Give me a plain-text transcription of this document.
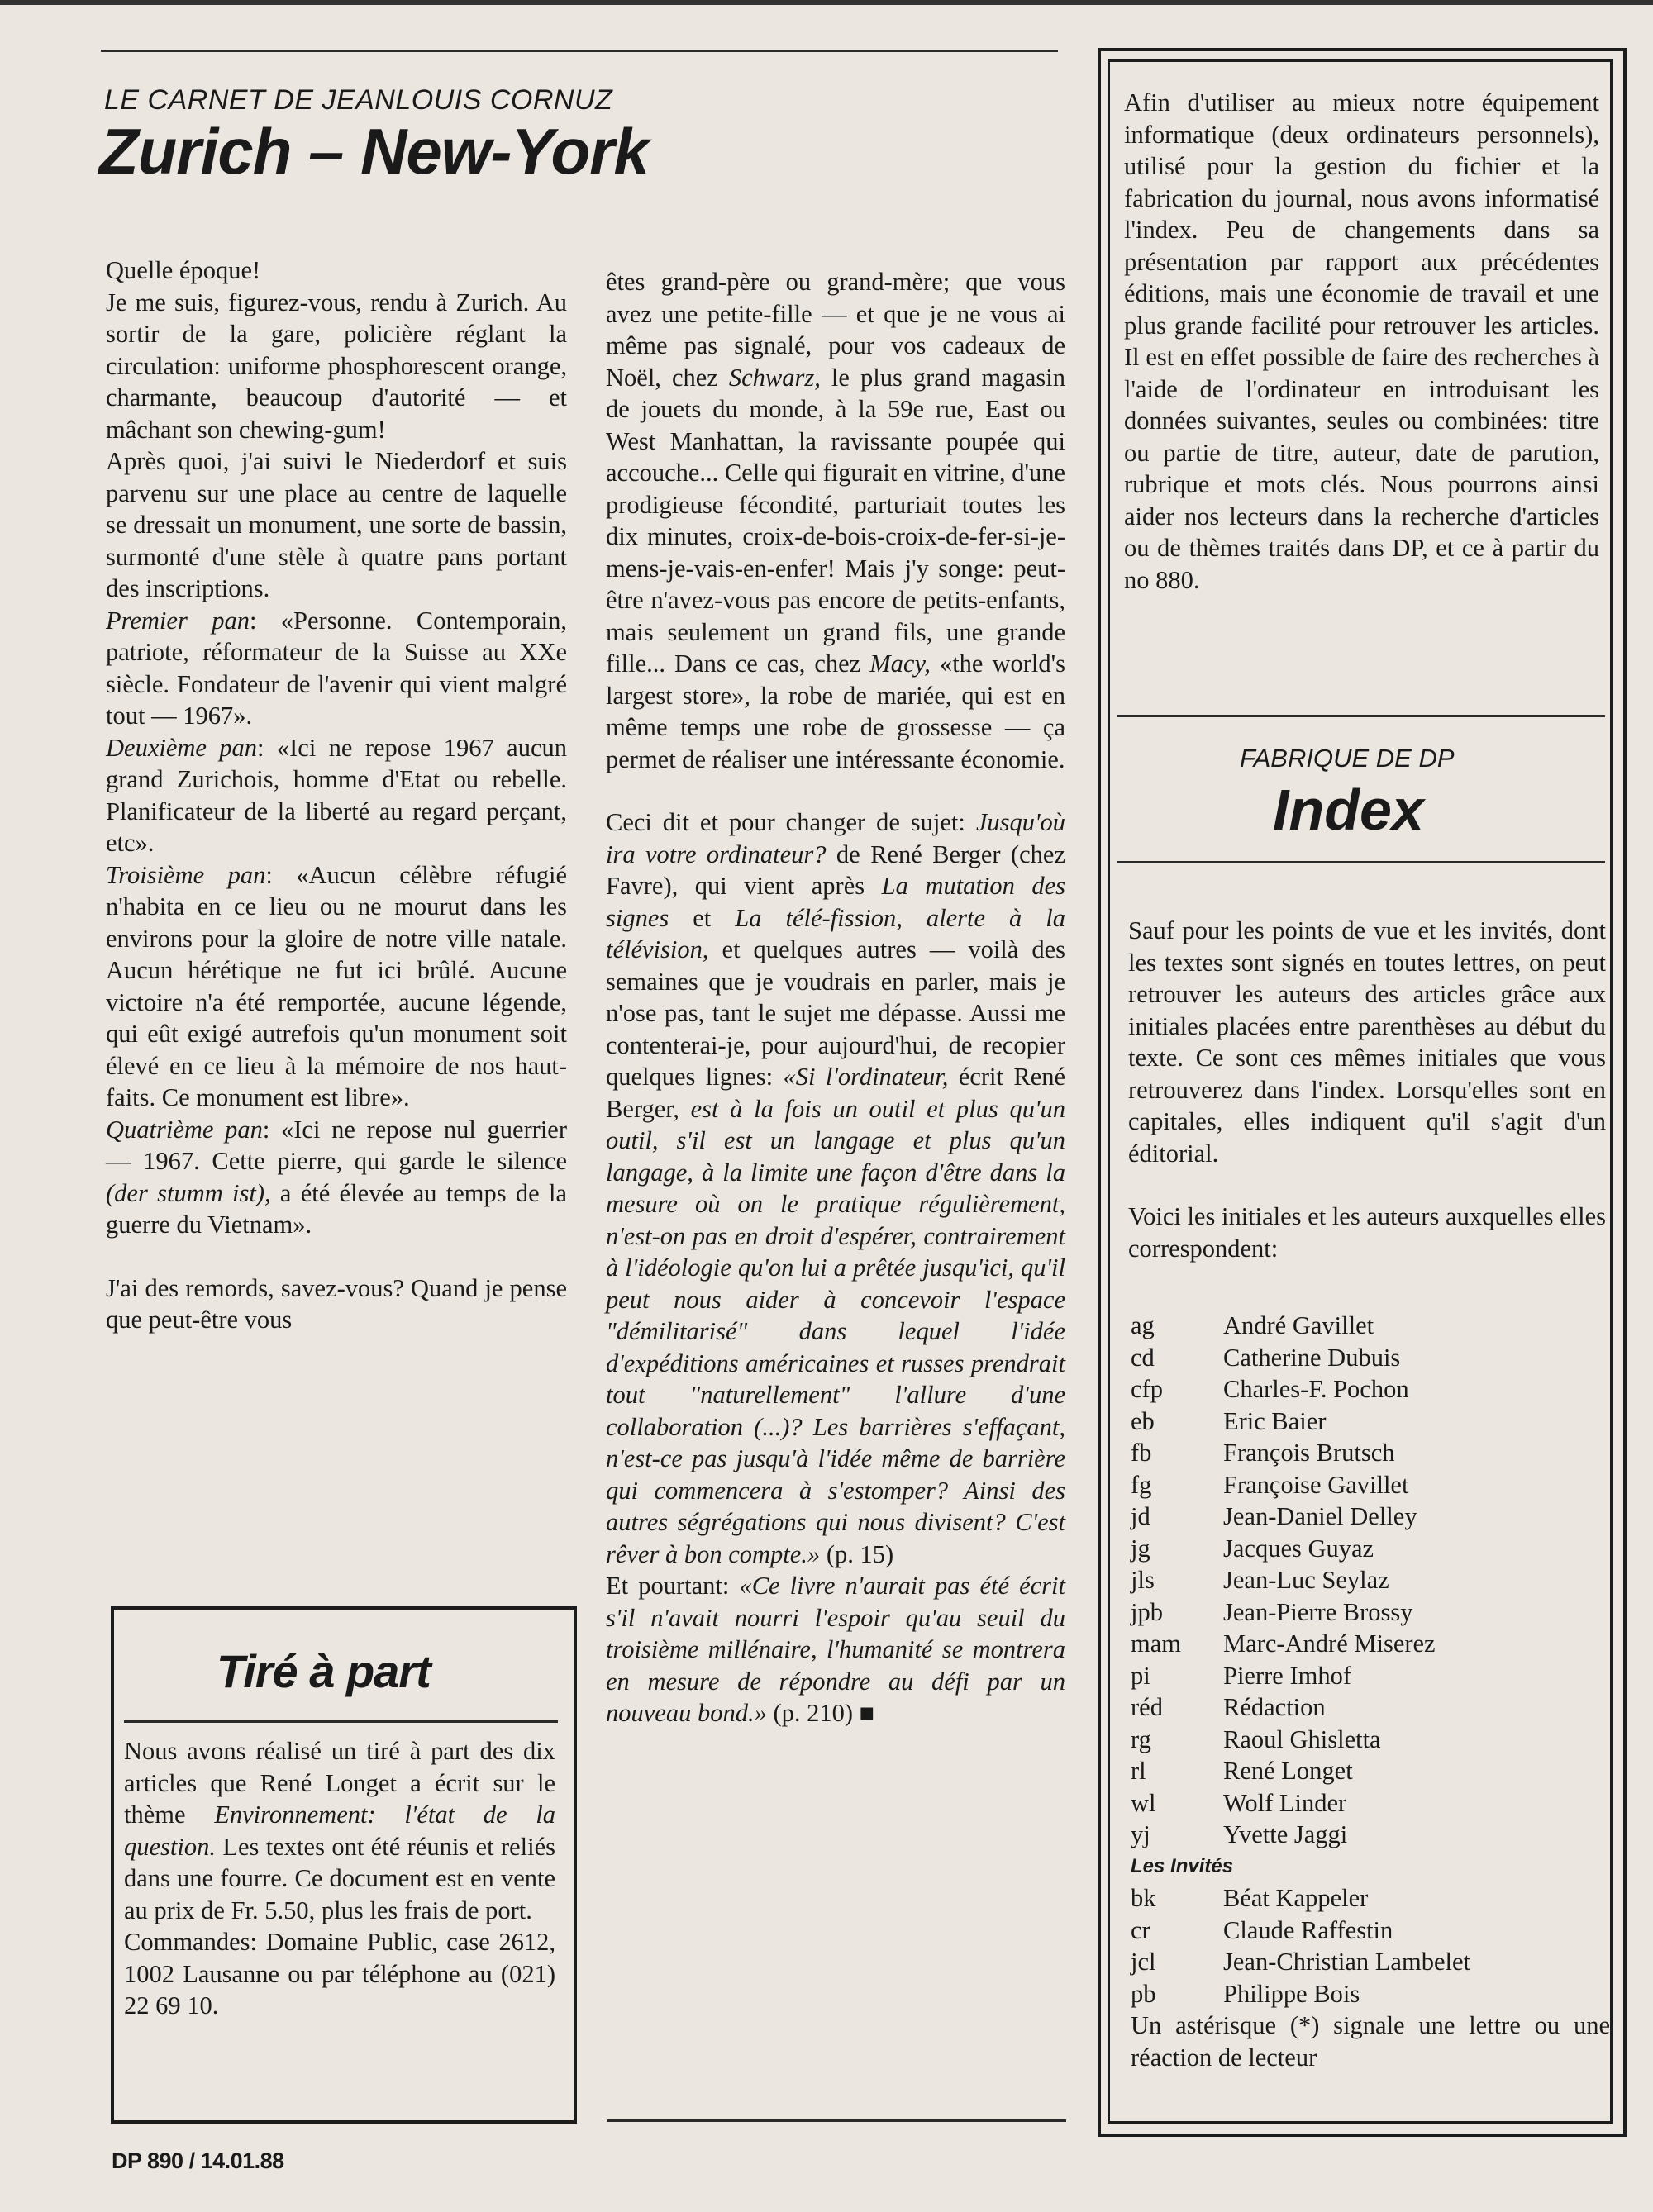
LE CARNET DE JEANLOUIS CORNUZ
Zurich – New-York

Quelle époque!

Je me suis, figurez-vous, rendu à Zurich. Au sortir de la gare, policière réglant la circulation: uniforme phosphorescent orange, charmante, beaucoup d'autorité — et mâchant son chewing-gum!

Après quoi, j'ai suivi le Niederdorf et suis parvenu sur une place au centre de laquelle se dressait un monument, une sorte de bassin, surmonté d'une stèle à quatre pans portant des inscriptions.

Premier pan: «Personne. Contemporain, patriote, réformateur de la Suisse au XXe siècle. Fondateur de l'avenir qui vient malgré tout — 1967».

Deuxième pan: «Ici ne repose 1967 aucun grand Zurichois, homme d'Etat ou rebelle. Planificateur de la liberté au regard perçant, etc».

Troisième pan: «Aucun célèbre réfugié n'habita en ce lieu ou ne mourut dans les environs pour la gloire de notre ville natale. Aucun hérétique ne fut ici brûlé. Aucune victoire n'a été remportée, aucune légende, qui eût exigé autrefois qu'un monument soit élevé en ce lieu à la mémoire de nos haut-faits. Ce monument est libre».

Quatrième pan: «Ici ne repose nul guerrier — 1967. Cette pierre, qui garde le silence (der stumm ist), a été élevée au temps de la guerre du Vietnam».

J'ai des remords, savez-vous? Quand je pense que peut-être vous

êtes grand-père ou grand-mère; que vous avez une petite-fille — et que je ne vous ai même pas signalé, pour vos cadeaux de Noël, chez Schwarz, le plus grand magasin de jouets du monde, à la 59e rue, East ou West Manhattan, la ravissante poupée qui accouche... Celle qui figurait en vitrine, d'une prodigieuse fécondité, parturiait toutes les dix minutes, croix-de-bois-croix-de-fer-si-je-mens-je-vais-en-enfer! Mais j'y songe: peut-être n'avez-vous pas encore de petits-enfants, mais seulement un grand fils, une grande fille... Dans ce cas, chez Macy, «the world's largest store», la robe de mariée, qui est en même temps une robe de grossesse — ça permet de réaliser une intéressante économie.

Ceci dit et pour changer de sujet: Jusqu'où ira votre ordinateur? de René Berger (chez Favre), qui vient après La mutation des signes et La télé-fission, alerte à la télévision, et quelques autres — voilà des semaines que je voudrais en parler, mais je n'ose pas, tant le sujet me dépasse. Aussi me contenterai-je, pour aujourd'hui, de recopier quelques lignes: «Si l'ordinateur, écrit René Berger, est à la fois un outil et plus qu'un outil, s'il est un langage et plus qu'un langage, à la limite une façon d'être dans la mesure où on le pratique régulièrement, n'est-on pas en droit d'espérer, contrairement à l'idéologie qu'on lui a prêtée jusqu'ici, qu'il peut nous aider à concevoir l'espace "démilitarisé" dans lequel l'idée d'expéditions américaines et russes prendrait tout "naturellement" l'allure d'une collaboration (...)? Les barrières s'effaçant, n'est-ce pas jusqu'à l'idée même de barrière qui commencera à s'estomper? Ainsi des autres ségrégations qui nous divisent? C'est rêver à bon compte.» (p. 15)

Et pourtant: «Ce livre n'aurait pas été écrit s'il n'avait nourri l'espoir qu'au seuil du troisième millénaire, l'humanité se montrera en mesure de répondre au défi par un nouveau bond.» (p. 210) ■

Tiré à part

Nous avons réalisé un tiré à part des dix articles que René Longet a écrit sur le thème Environnement: l'état de la question. Les textes ont été réunis et reliés dans une fourre. Ce document est en vente au prix de Fr. 5.50, plus les frais de port.

Commandes: Domaine Public, case 2612, 1002 Lausanne ou par téléphone au (021) 22 69 10.

Afin d'utiliser au mieux notre équipement informatique (deux ordinateurs personnels), utilisé pour la gestion du fichier et la fabrication du journal, nous avons informatisé l'index. Peu de changements dans sa présentation par rapport aux précédentes éditions, mais une économie de travail et une plus grande facilité pour retrouver les articles. Il est en effet possible de faire des recherches à l'aide de l'ordinateur en introduisant les données suivantes, seules ou combinées: titre ou partie de titre, auteur, date de parution, rubrique et mots clés. Nous pourrons ainsi aider nos lecteurs dans la recherche d'articles ou de thèmes traités dans DP, et ce à partir du no 880.
FABRIQUE DE DP
Index

Sauf pour les points de vue et les invités, dont les textes sont signés en toutes lettres, on peut retrouver les auteurs des articles grâce aux initiales placées entre parenthèses au début du texte. Ce sont ces mêmes initiales que vous retrouverez dans l'index. Lorsqu'elles sont en capitales, elles indiquent qu'il s'agit d'un éditorial.

Voici les initiales et les auteurs auxquelles elles correspondent:

ag	André Gavillet
cd	Catherine Dubuis
cfp	Charles-F. Pochon
eb	Eric Baier
fb	François Brutsch
fg	Françoise Gavillet
jd	Jean-Daniel Delley
jg	Jacques Guyaz
jls	Jean-Luc Seylaz
jpb	Jean-Pierre Brossy
mam	Marc-André Miserez
pi	Pierre Imhof
réd	Rédaction
rg	Raoul Ghisletta
rl	René Longet
wl	Wolf Linder
yj	Yvette Jaggi
Les Invités
bk	Béat Kappeler
cr	Claude Raffestin
jcl	Jean-Christian Lambelet
pb	Philippe Bois
Un astérisque (*) signale une lettre ou une réaction de lecteur
DP 890 / 14.01.88
